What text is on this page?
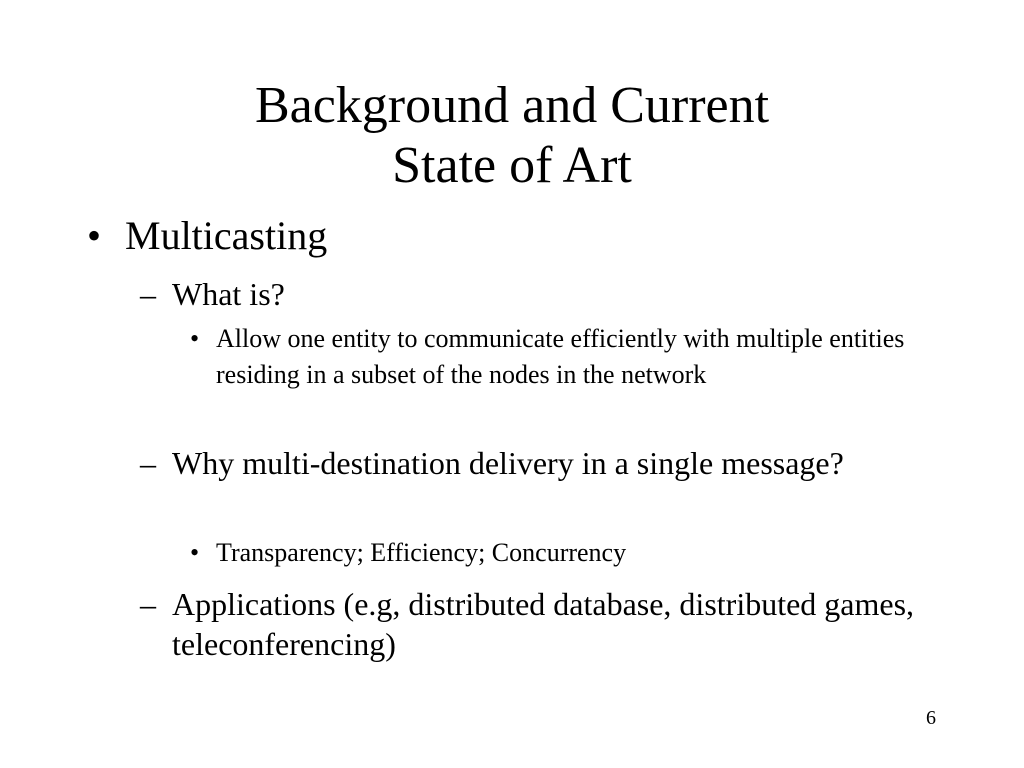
Background and Current
State of Art
• Multicasting
– What is?
• Allow one entity to communicate efficiently with multiple entities residing in a subset of the nodes in the network
– Why multi-destination delivery in a single message?
• Transparency; Efficiency; Concurrency
– Applications (e.g, distributed database, distributed games, teleconferencing)
6
